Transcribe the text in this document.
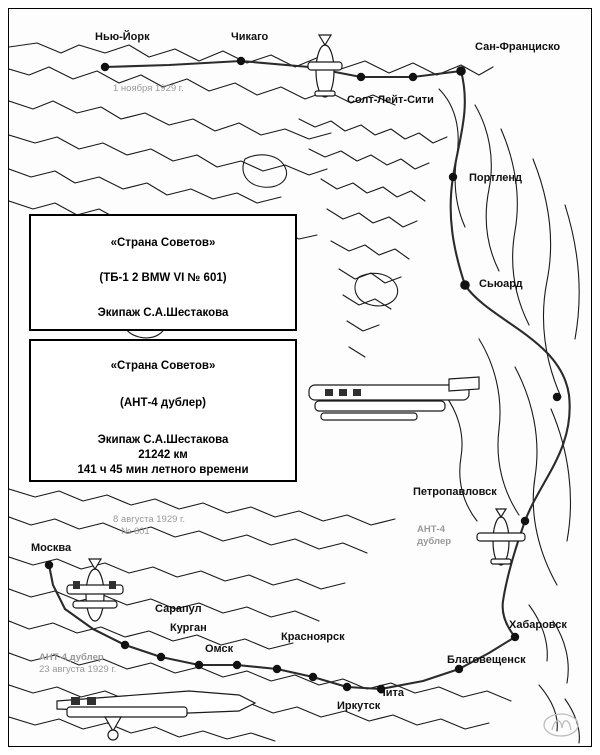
«Страна Советов»

(ТБ-1 2 BMW VI № 601)

Экипаж С.А.Шестакова

«Страна Советов»

(АНТ-4 дублер)

Экипаж С.А.Шестакова

21242 км

141 ч 45 мин летного времени

Нью-Йорк	Чикаго
Сан-Франциско
Солт-Лейт-Сити
Портленд
Сьюард
Петропавловск
Хабаровск
Благовещенск
Чита
Иркутск
Красноярск
Омск
Курган
Сарапул
Москва
1 ноября 1929 г.
8 августа 1929 г.
№ 601	АНТ-4
дублер
АНТ-4 дублер
23 августа 1929 г.
